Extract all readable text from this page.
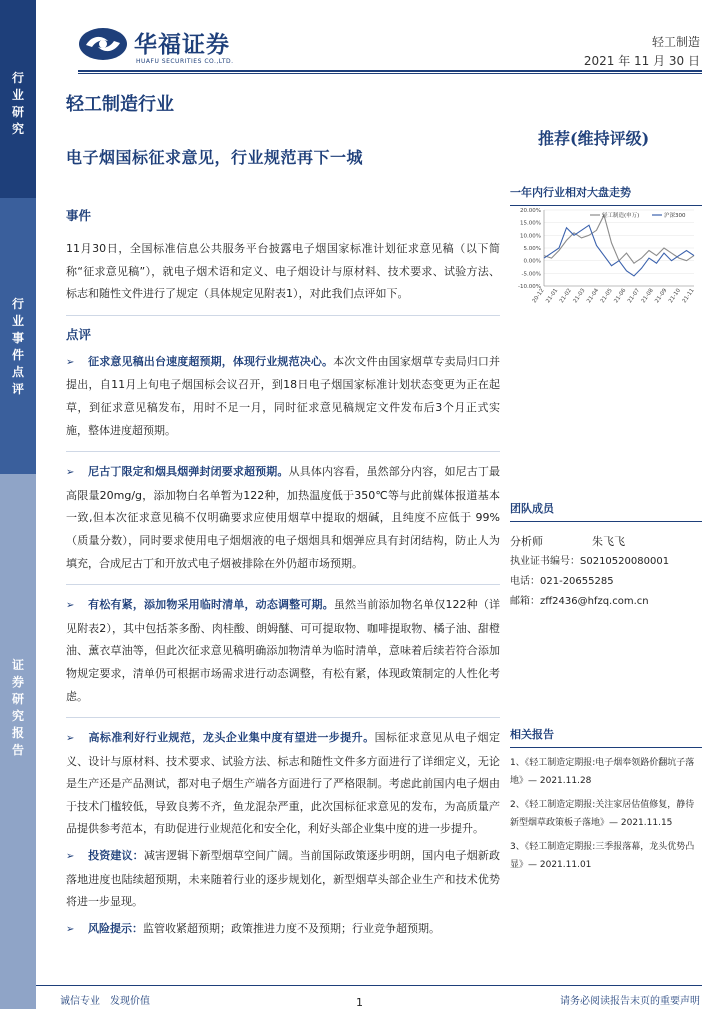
行业研究
行业事件点评
证券研究报告
华福证券
HUAFU SECURITIES CO.,LTD.
轻工制造
2021 年 11 月 30 日
轻工制造行业
电子烟国标征求意见，行业规范再下一城
推荐(维持评级)
事件

11月30日，全国标准信息公共服务平台披露电子烟国家标准计划征求意见稿（以下简称“征求意见稿”），就电子烟术语和定义、电子烟设计与原材料、技术要求、试验方法、标志和随性文件进行了规定（具体规定见附表1），对此我们点评如下。

点评

➢ 征求意见稿出台速度超预期，体现行业规范决心。本次文件由国家烟草专卖局归口并提出，自11月上旬电子烟国标会议召开，到18日电子烟国家标准计划状态变更为正在起草，到征求意见稿发布，用时不足一月，同时征求意见稿规定文件发布后3个月正式实施，整体进度超预期。

➢ 尼古丁限定和烟具烟弹封闭要求超预期。从具体内容看，虽然部分内容，如尼古丁最高限量20mg/g，添加物白名单暂为122种，加热温度低于350℃等与此前媒体报道基本一致,但本次征求意见稿不仅明确要求应使用烟草中提取的烟碱，且纯度不应低于 99%（质量分数），同时要求使用电子烟烟液的电子烟烟具和烟弹应具有封闭结构，防止人为填充，合成尼古丁和开放式电子烟被排除在外仍超市场预期。

➢ 有松有紧，添加物采用临时清单，动态调整可期。虽然当前添加物名单仅122种（详见附表2），其中包括茶多酚、肉桂酸、朗姆醚、可可提取物、咖啡提取物、橘子油、甜橙油、薰衣草油等，但此次征求意见稿明确添加物清单为临时清单，意味着后续若符合添加物规定要求，清单仍可根据市场需求进行动态调整，有松有紧，体现政策制定的人性化考虑。

➢ 高标准利好行业规范，龙头企业集中度有望进一步提升。国标征求意见从电子烟定义、设计与原材料、技术要求、试验方法、标志和随性文件多方面进行了详细定义，无论是生产还是产品测试，都对电子烟生产端各方面进行了严格限制。考虑此前国内电子烟由于技术门槛较低，导致良莠不齐，鱼龙混杂严重，此次国标征求意见的发布，为高质量产品提供参考范本，有助促进行业规范化和安全化，利好头部企业集中度的进一步提升。

➢ 投资建议：减害逻辑下新型烟草空间广阔。当前国际政策逐步明朗，国内电子烟新政落地进度也陆续超预期，未来随着行业的逐步规划化，新型烟草头部企业生产和技术优势将进一步显现。

➢ 风险提示：监管收紧超预期；政策推进力度不及预期；行业竞争超预期。

一年内行业相对大盘走势
20.00%
15.00%
10.00%
5.00%
0.00%
-5.00%
-10.00%
20-12 21-01 21-02 21-03 21-04 21-05 21-06 21-07 21-08 21-09 21-10 21-11
轻工制造(申万)	沪深300
团队成员
分析师	朱飞飞
执业证书编号：S0210520080001
电话：021-20655285
邮箱：zff2436@hfzq.com.cn
相关报告
1、《轻工制造定期报:电子烟奉领路价翻坑子落地》— 2021.11.28
2、《轻工制造定期报:关注家居估值修复，静待新型烟草政策板子落地》— 2021.11.15
3、《轻工制造定期报:三季报落幕，龙头优势凸显》— 2021.11.01
诚信专业　发现价值	1	请务必阅读报告末页的重要声明
